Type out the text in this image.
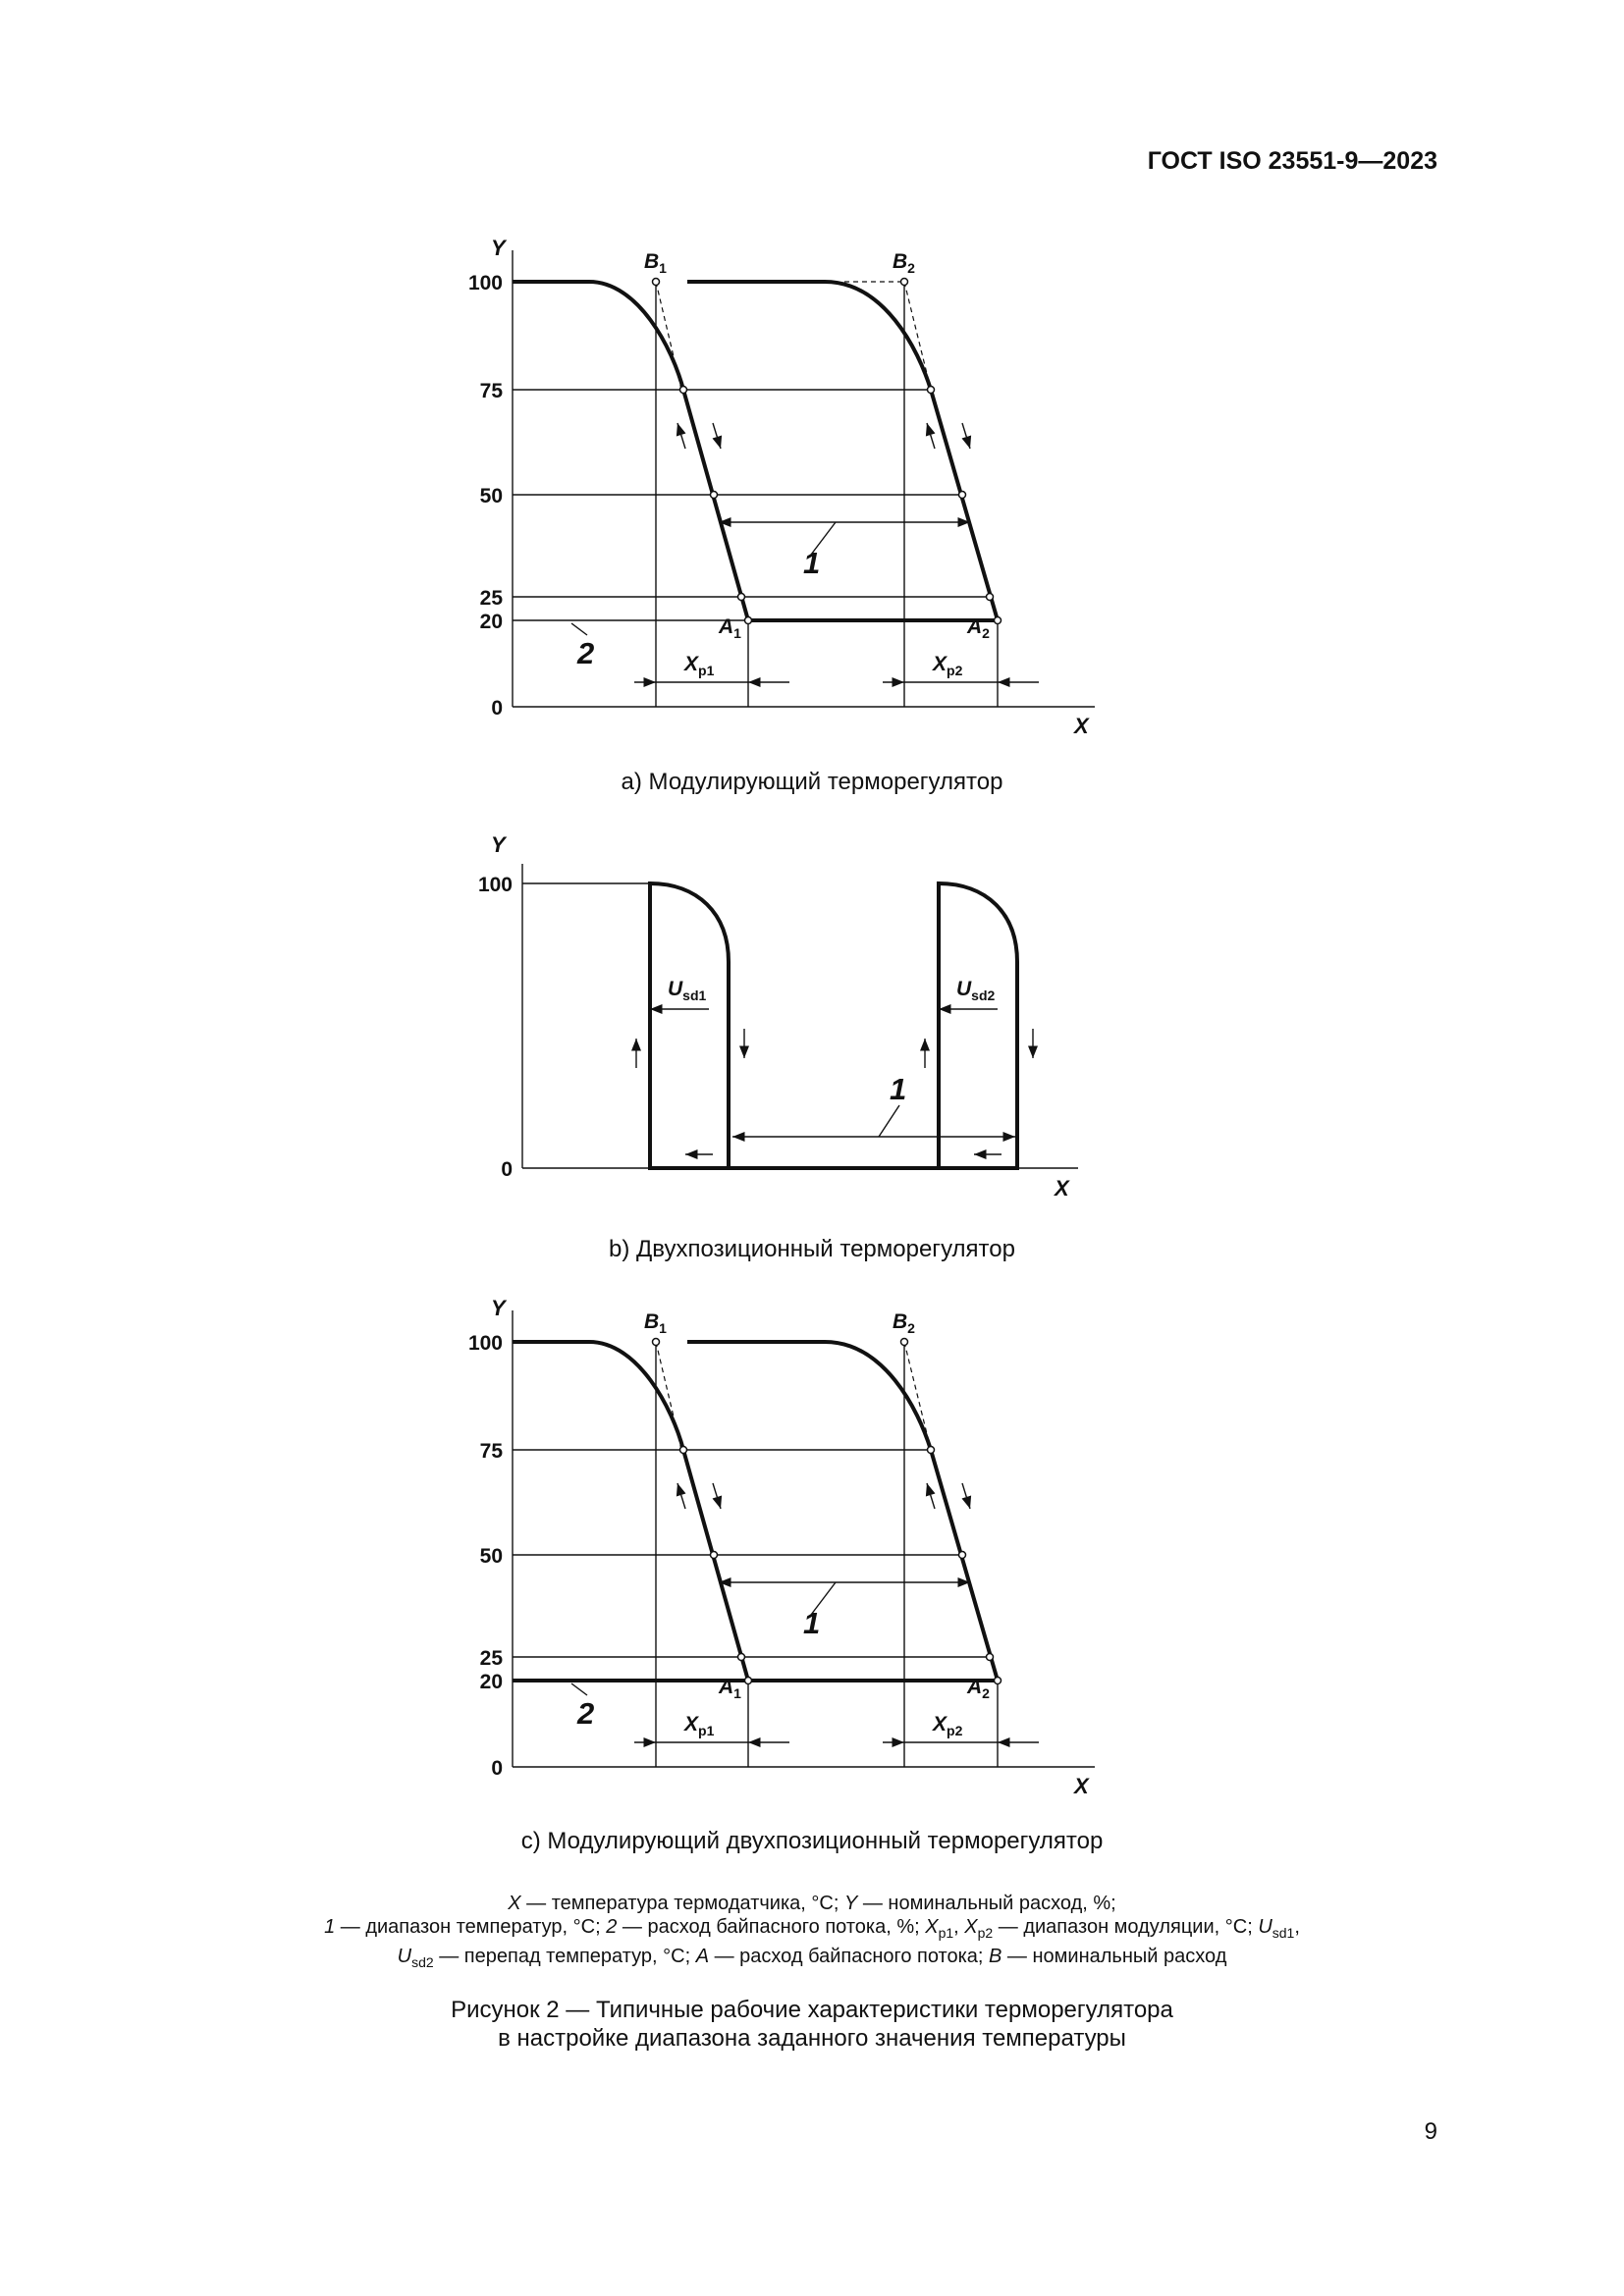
ГОСТ ISO 23551-9—2023
100
75
50
25
20
0
Y
X
$B_1$	$B_2$
$A_1$	$A_2$
$X_{p1}$	$X_{p2}$
1
2
a) Модулирующий терморегулятор
100
0
Y
X
$U_{sd1}$	$U_{sd2}$
1
b) Двухпозиционный терморегулятор
100
75
50
25
20
0
Y
X
$B_1$	$B_2$
$A_1$	$A_2$
$X_{p1}$	$X_{p2}$
1
2
c) Модулирующий двухпозиционный терморегулятор
X — температура термодатчика, °C; Y — номинальный расход, %;
1 — диапазон температур, °C; 2 — расход байпасного потока, %; $X_{p1}$, $X_{p2}$ — диапазон модуляции, °C; $U_{sd1}$,
$U_{sd2}$ — перепад температур, °C; A — расход байпасного потока; B — номинальный расход
Рисунок 2 — Типичные рабочие характеристики терморегулятора
в настройке диапазона заданного значения температуры
9
